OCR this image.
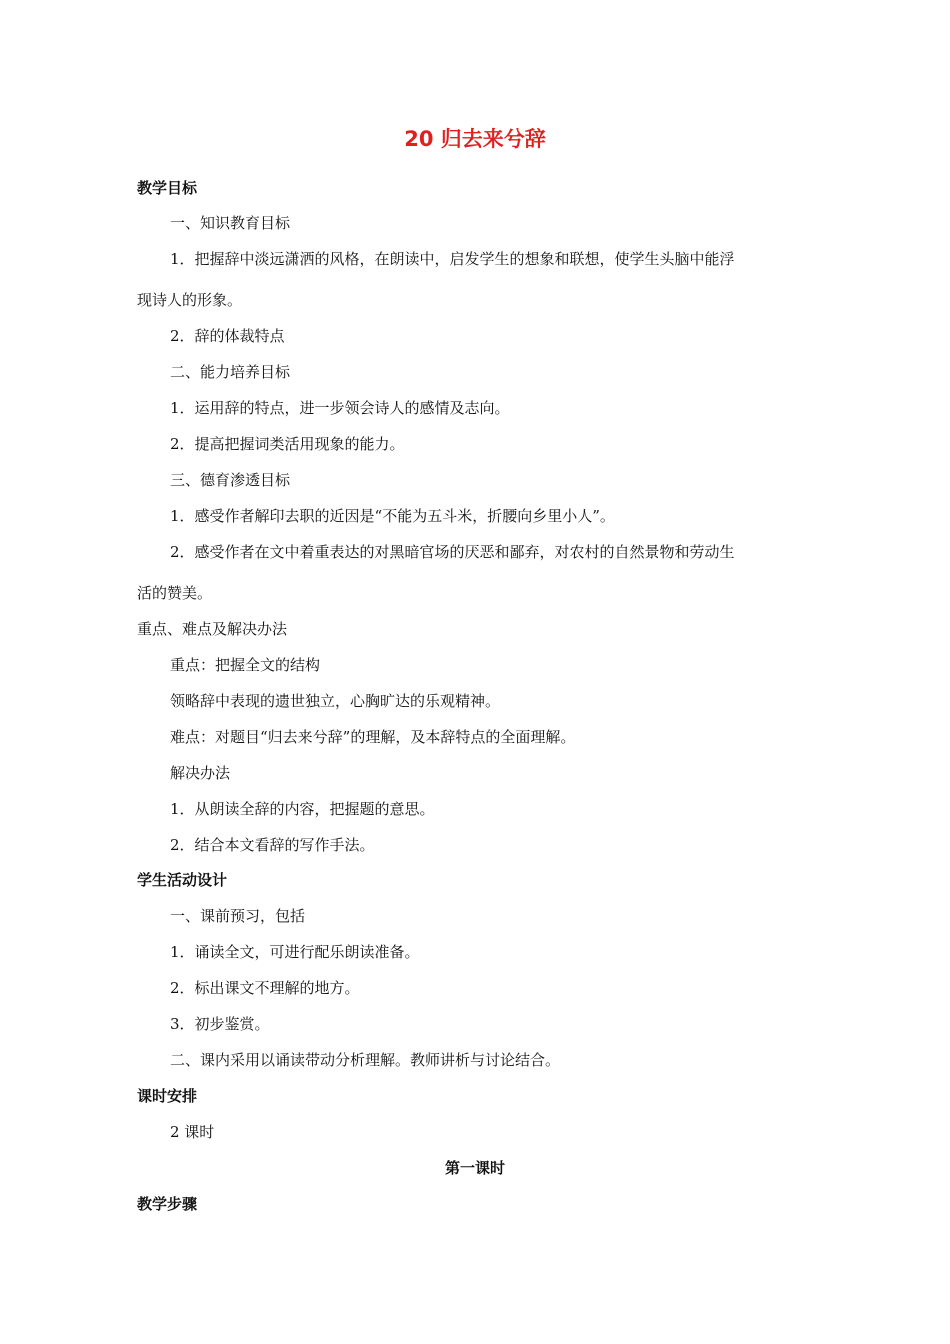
20 归去来兮辞
教学目标
一、知识教育目标
1．把握辞中淡远潇洒的风格，在朗读中，启发学生的想象和联想，使学生头脑中能浮
现诗人的形象。
2．辞的体裁特点
二、能力培养目标
1．运用辞的特点，进一步领会诗人的感情及志向。
2．提高把握词类活用现象的能力。
三、德育渗透目标
1．感受作者解印去职的近因是“不能为五斗米，折腰向乡里小人”。
2．感受作者在文中着重表达的对黑暗官场的厌恶和鄙弃，对农村的自然景物和劳动生
活的赞美。
重点、难点及解决办法
重点：把握全文的结构
领略辞中表现的遗世独立，心胸旷达的乐观精神。
难点：对题目“归去来兮辞”的理解，及本辞特点的全面理解。
解决办法
1．从朗读全辞的内容，把握题的意思。
2．结合本文看辞的写作手法。
学生活动设计
一、课前预习，包括
1．诵读全文，可进行配乐朗读准备。
2．标出课文不理解的地方。
3．初步鉴赏。
二、课内采用以诵读带动分析理解。教师讲析与讨论结合。
课时安排
2 课时
第一课时
教学步骤
